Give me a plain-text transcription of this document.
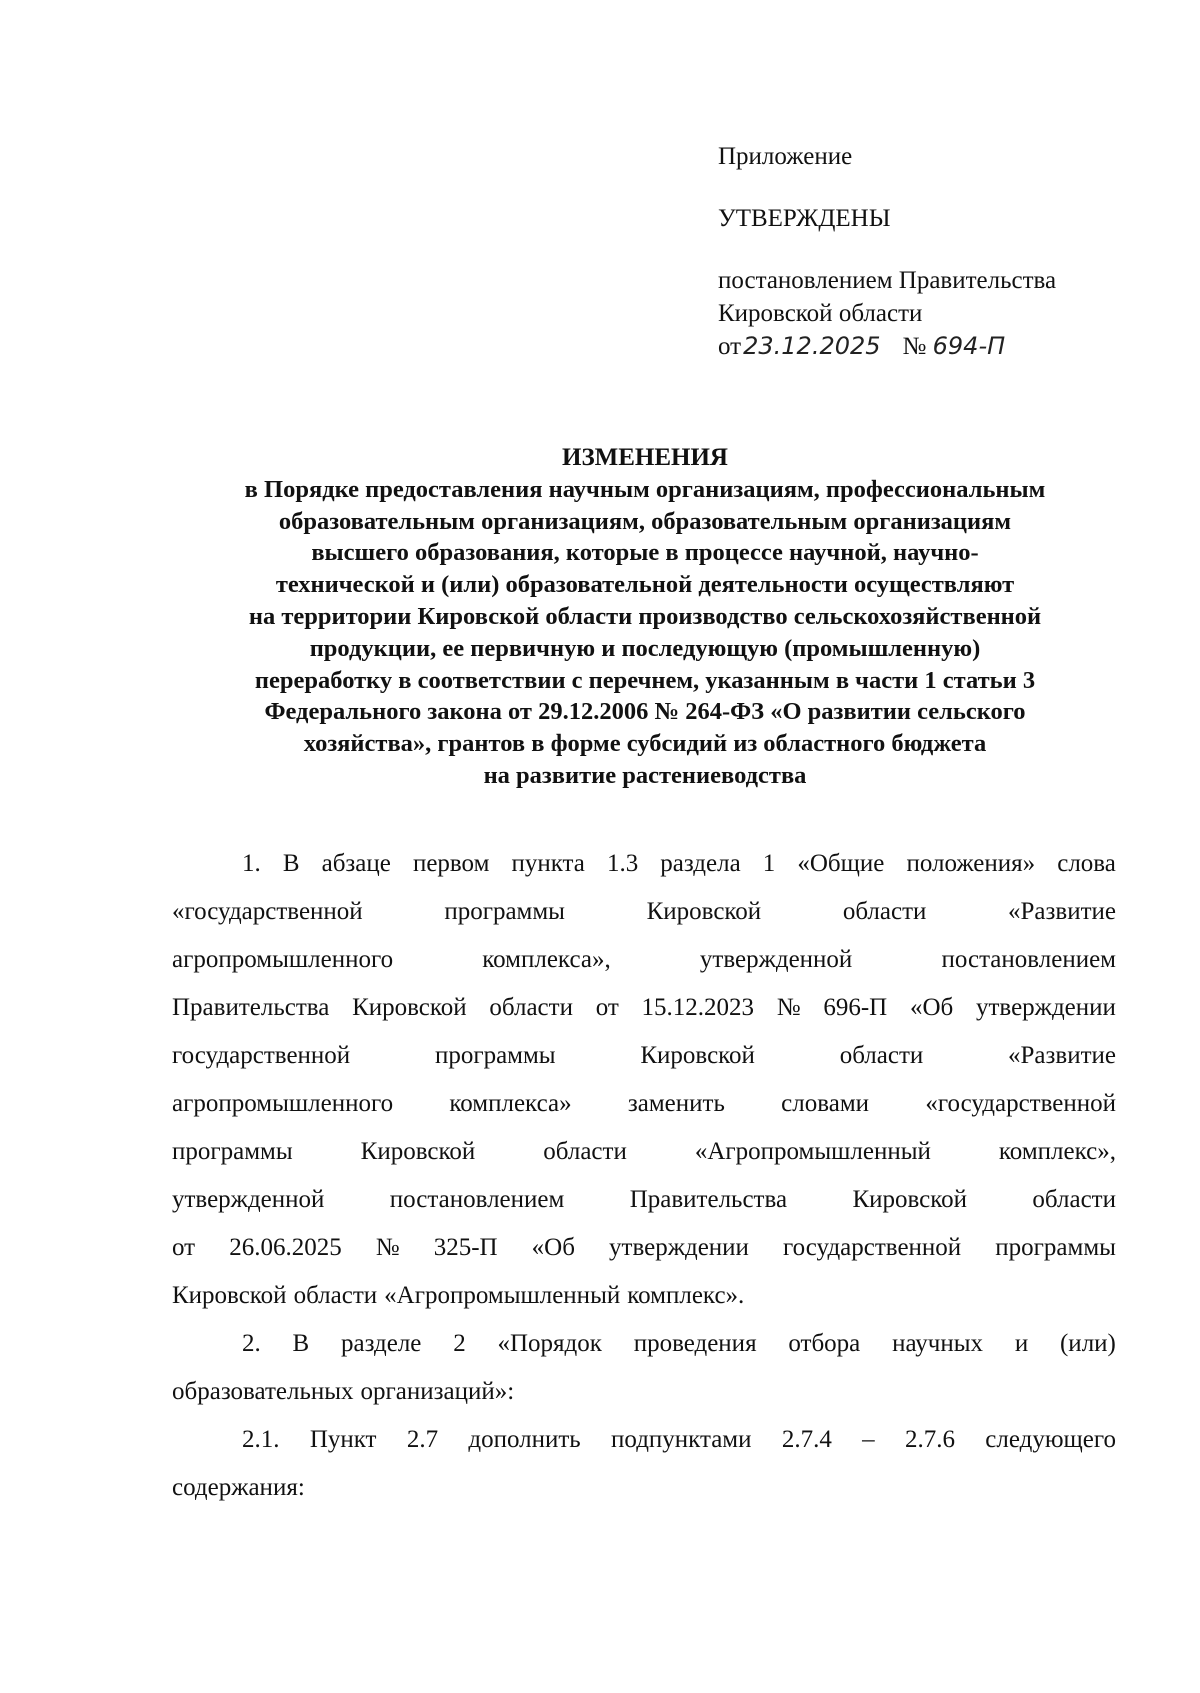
Приложение
УТВЕРЖДЕНЫ
постановлением Правительства
Кировской области
от23.12.2025 № 694-П
ИЗМЕНЕНИЯ
в Порядке предоставления научным организациям, профессиональным
образовательным организациям, образовательным организациям
высшего образования, которые в процессе научной, научно-
технической и (или) образовательной деятельности осуществляют
на территории Кировской области производство сельскохозяйственной
продукции, ее первичную и последующую (промышленную)
переработку в соответствии с перечнем, указанным в части 1 статьи 3
Федерального закона от 29.12.2006 № 264-ФЗ «О развитии сельского
хозяйства», грантов в форме субсидий из областного бюджета
на развитие растениеводства
1. В абзаце первом пункта 1.3 раздела 1 «Общие положения» слова
«государственной	программы	Кировской	области	«Развитие
агропромышленного	комплекса»,	утвержденной	постановлением
Правительства Кировской области от 15.12.2023 № 696-П «Об утверждении
государственной	программы	Кировской	области	«Развитие
агропромышленного комплекса» заменить словами «государственной
программы	Кировской	области	«Агропромышленный	комплекс»,
утвержденной	постановлением	Правительства	Кировской	области
от 26.06.2025 № 325-П «Об утверждении государственной программы
Кировской области «Агропромышленный комплекс».
2. В разделе 2 «Порядок проведения отбора научных и (или)
образовательных организаций»:
2.1. Пункт 2.7 дополнить подпунктами 2.7.4 – 2.7.6 следующего
содержания:
